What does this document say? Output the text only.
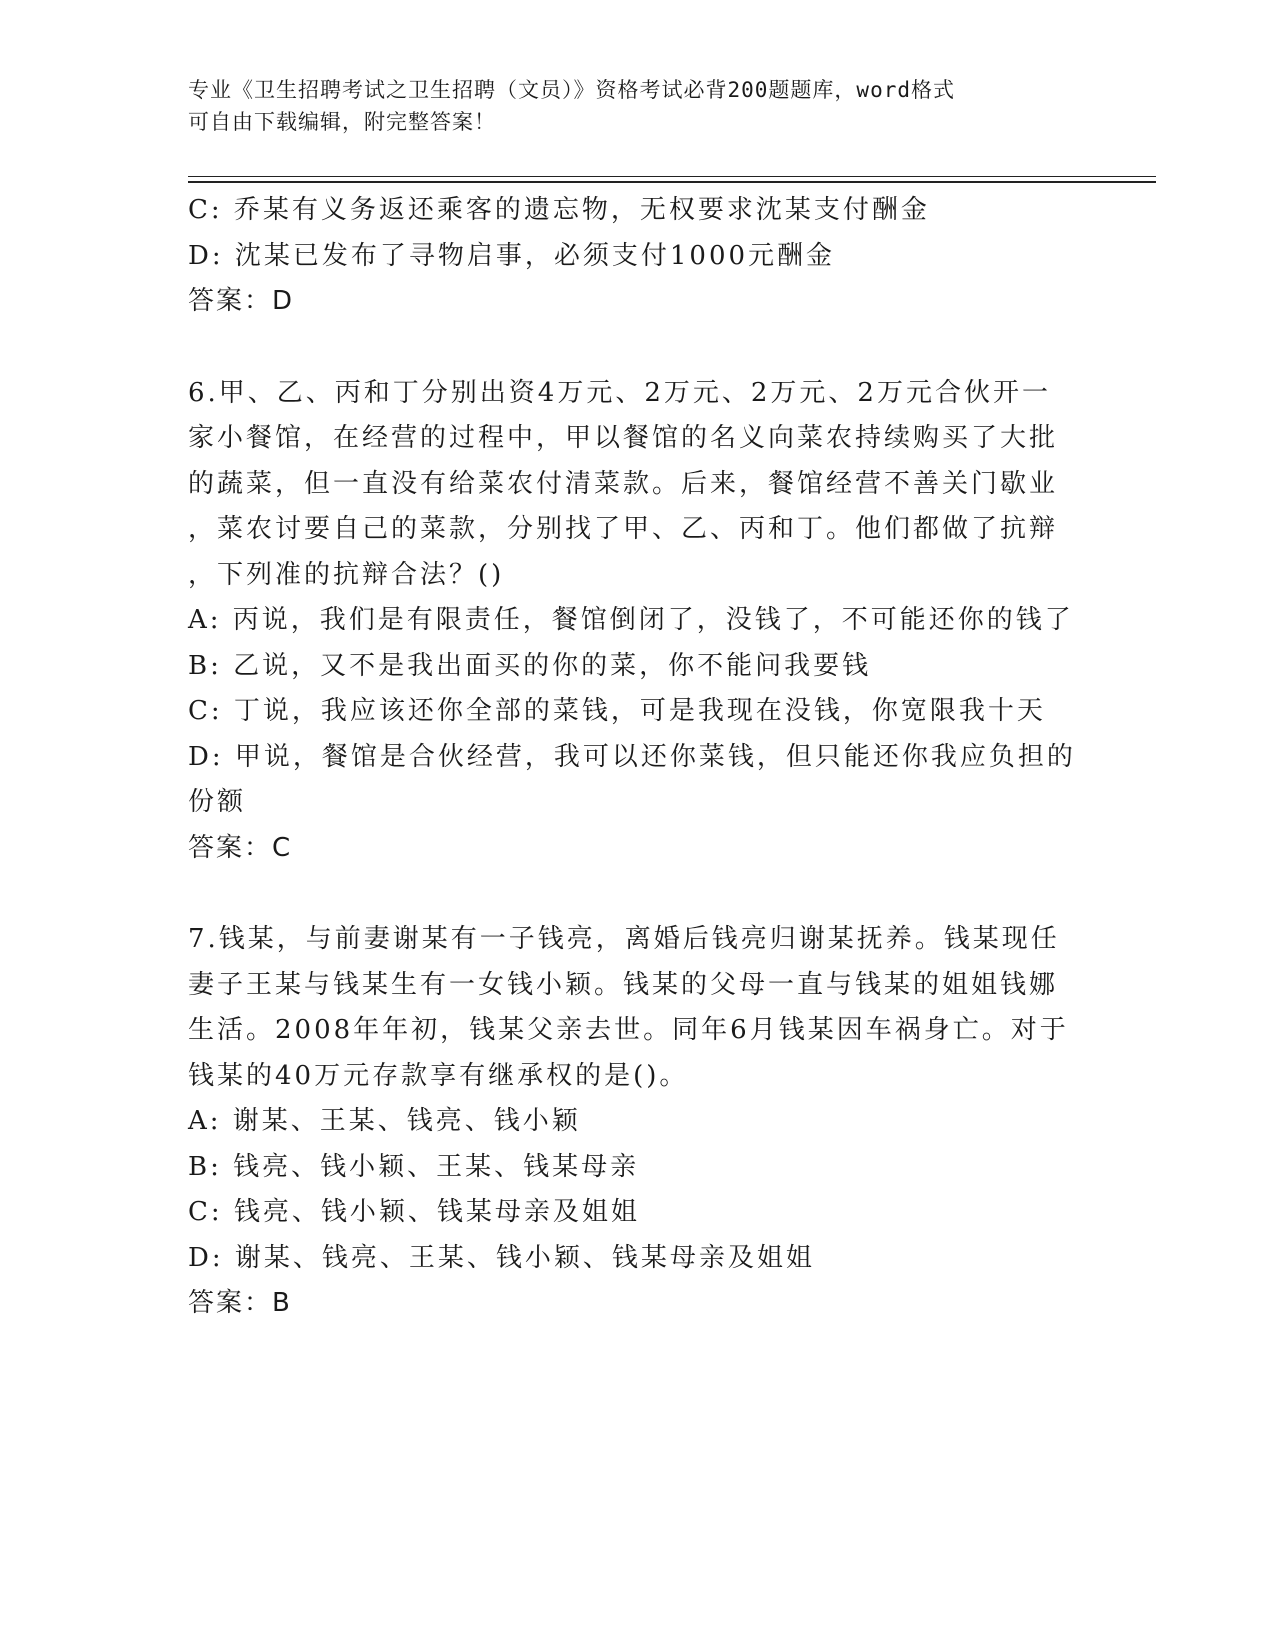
专业《卫生招聘考试之卫生招聘（文员）》资格考试必背200题题库，word格式
可自由下载编辑，附完整答案！
C: 乔某有义务返还乘客的遗忘物，无权要求沈某支付酬金
D: 沈某已发布了寻物启事，必须支付1000元酬金
答案：D
6.甲、乙、丙和丁分别出资4万元、2万元、2万元、2万元合伙开一
家小餐馆，在经营的过程中，甲以餐馆的名义向菜农持续购买了大批
的蔬菜，但一直没有给菜农付清菜款。后来，餐馆经营不善关门歇业
，菜农讨要自己的菜款，分别找了甲、乙、丙和丁。他们都做了抗辩
，下列准的抗辩合法？()
A: 丙说，我们是有限责任，餐馆倒闭了，没钱了，不可能还你的钱了
B: 乙说，又不是我出面买的你的菜，你不能问我要钱
C: 丁说，我应该还你全部的菜钱，可是我现在没钱，你宽限我十天
D: 甲说，餐馆是合伙经营，我可以还你菜钱，但只能还你我应负担的
份额
答案：C
7.钱某，与前妻谢某有一子钱亮，离婚后钱亮归谢某抚养。钱某现任
妻子王某与钱某生有一女钱小颖。钱某的父母一直与钱某的姐姐钱娜
生活。2008年年初，钱某父亲去世。同年6月钱某因车祸身亡。对于
钱某的40万元存款享有继承权的是()。
A: 谢某、王某、钱亮、钱小颖
B: 钱亮、钱小颖、王某、钱某母亲
C: 钱亮、钱小颖、钱某母亲及姐姐
D: 谢某、钱亮、王某、钱小颖、钱某母亲及姐姐
答案：B
